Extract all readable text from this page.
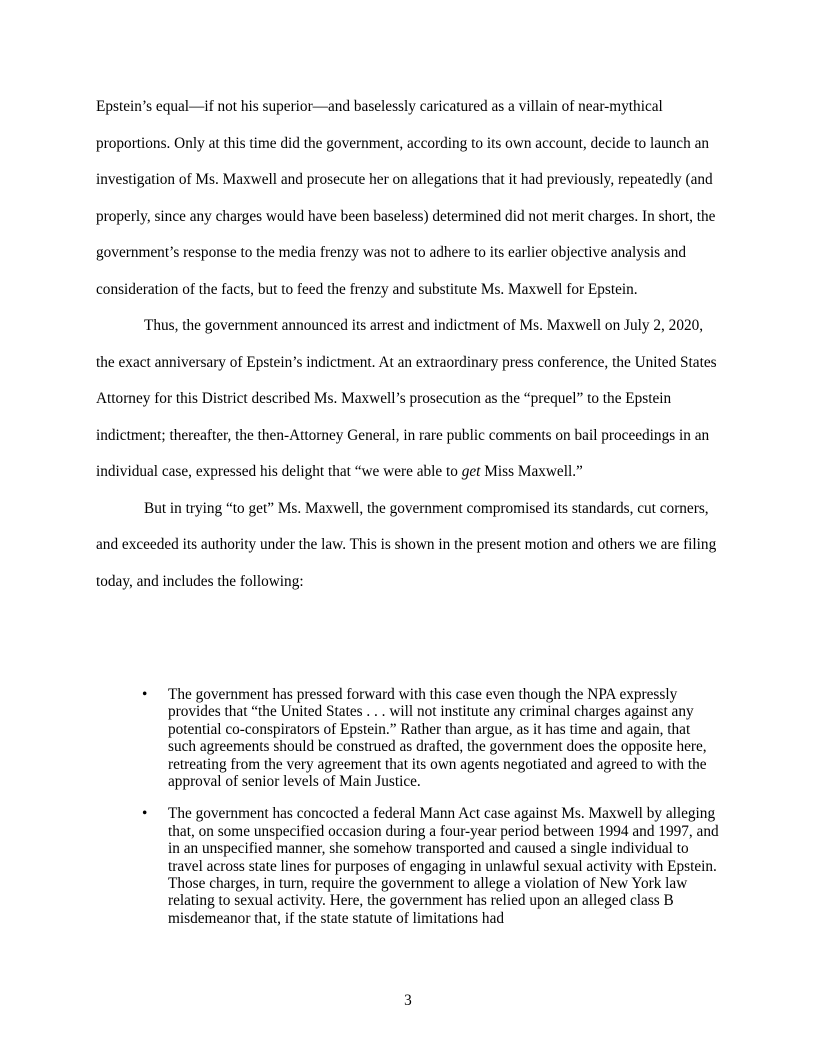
Epstein’s equal—if not his superior—and baselessly caricatured as a villain of near-mythical proportions. Only at this time did the government, according to its own account, decide to launch an investigation of Ms. Maxwell and prosecute her on allegations that it had previously, repeatedly (and properly, since any charges would have been baseless) determined did not merit charges. In short, the government’s response to the media frenzy was not to adhere to its earlier objective analysis and consideration of the facts, but to feed the frenzy and substitute Ms. Maxwell for Epstein.

Thus, the government announced its arrest and indictment of Ms. Maxwell on July 2, 2020, the exact anniversary of Epstein’s indictment. At an extraordinary press conference, the United States Attorney for this District described Ms. Maxwell’s prosecution as the “prequel” to the Epstein indictment; thereafter, the then-Attorney General, in rare public comments on bail proceedings in an individual case, expressed his delight that “we were able to get Miss Maxwell.”

But in trying “to get” Ms. Maxwell, the government compromised its standards, cut corners, and exceeded its authority under the law. This is shown in the present motion and others we are filing today, and includes the following:

• The government has pressed forward with this case even though the NPA expressly provides that “the United States . . . will not institute any criminal charges against any potential co-conspirators of Epstein.” Rather than argue, as it has time and again, that such agreements should be construed as drafted, the government does the opposite here, retreating from the very agreement that its own agents negotiated and agreed to with the approval of senior levels of Main Justice.
• The government has concocted a federal Mann Act case against Ms. Maxwell by alleging that, on some unspecified occasion during a four-year period between 1994 and 1997, and in an unspecified manner, she somehow transported and caused a single individual to travel across state lines for purposes of engaging in unlawful sexual activity with Epstein. Those charges, in turn, require the government to allege a violation of New York law relating to sexual activity. Here, the government has relied upon an alleged class B misdemeanor that, if the state statute of limitations had
3
